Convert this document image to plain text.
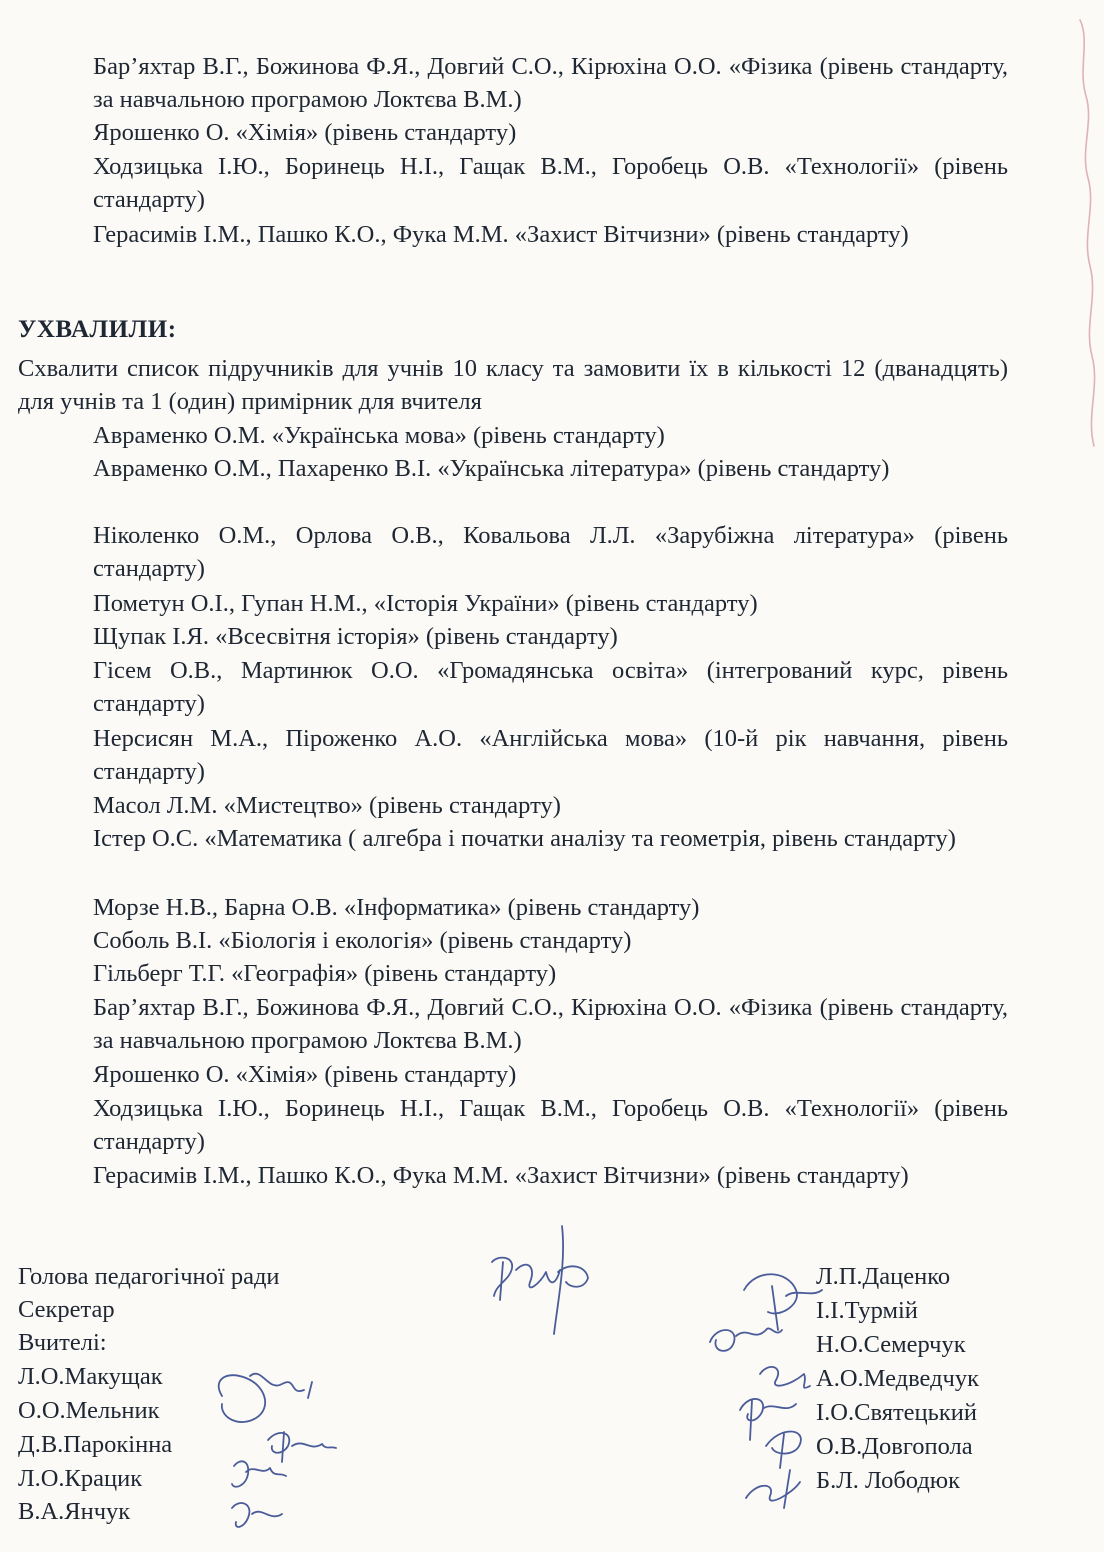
Бар’яхтар В.Г., Божинова Ф.Я., Довгий С.О., Кірюхіна О.О. «Фізика (рівень стандарту, за навчальною програмою Локтєва В.М.)
Ярошенко О. «Хімія» (рівень стандарту)
Ходзицька І.Ю., Боринець Н.І., Гащак В.М., Горобець О.В. «Технології» (рівень стандарту)
Герасимів І.М., Пашко К.О., Фука М.М. «Захист Вітчизни» (рівень стандарту)
УХВАЛИЛИ:
Схвалити список підручників для учнів 10 класу та замовити їх в кількості 12 (дванадцять) для учнів та 1 (один) примірник для вчителя
Авраменко О.М. «Українська мова» (рівень стандарту)
Авраменко О.М., Пахаренко В.І. «Українська література» (рівень стандарту)
Ніколенко О.М., Орлова О.В., Ковальова Л.Л. «Зарубіжна література» (рівень стандарту)
Пометун О.І., Гупан Н.М., «Історія України» (рівень стандарту)
Щупак І.Я. «Всесвітня історія» (рівень стандарту)
Гісем О.В., Мартинюк О.О. «Громадянська освіта» (інтегрований курс, рівень стандарту)
Нерсисян М.А., Піроженко А.О. «Англійська мова» (10-й рік навчання, рівень стандарту)
Масол Л.М. «Мистецтво» (рівень стандарту)
Істер О.С. «Математика ( алгебра і початки аналізу та геометрія, рівень стандарту)
Морзе Н.В., Барна О.В. «Інформатика» (рівень стандарту)
Соболь В.І. «Біологія і екологія» (рівень стандарту)
Гільберг Т.Г. «Географія» (рівень стандарту)
Бар’яхтар В.Г., Божинова Ф.Я., Довгий С.О., Кірюхіна О.О. «Фізика (рівень стандарту, за навчальною програмою Локтєва В.М.)
Ярошенко О. «Хімія» (рівень стандарту)
Ходзицька І.Ю., Боринець Н.І., Гащак В.М., Горобець О.В. «Технології» (рівень стандарту)
Герасимів І.М., Пашко К.О., Фука М.М. «Захист Вітчизни» (рівень стандарту)
Голова педагогічної ради
Секретар
Вчителі:
Л.О.Макущак
О.О.Мельник
Д.В.Парокінна
Л.О.Крацик
В.А.Янчук
Л.П.Даценко
І.І.Турмій
Н.О.Семерчук
А.О.Медведчук
І.О.Святецький
О.В.Довгопола
Б.Л. Лободюк
